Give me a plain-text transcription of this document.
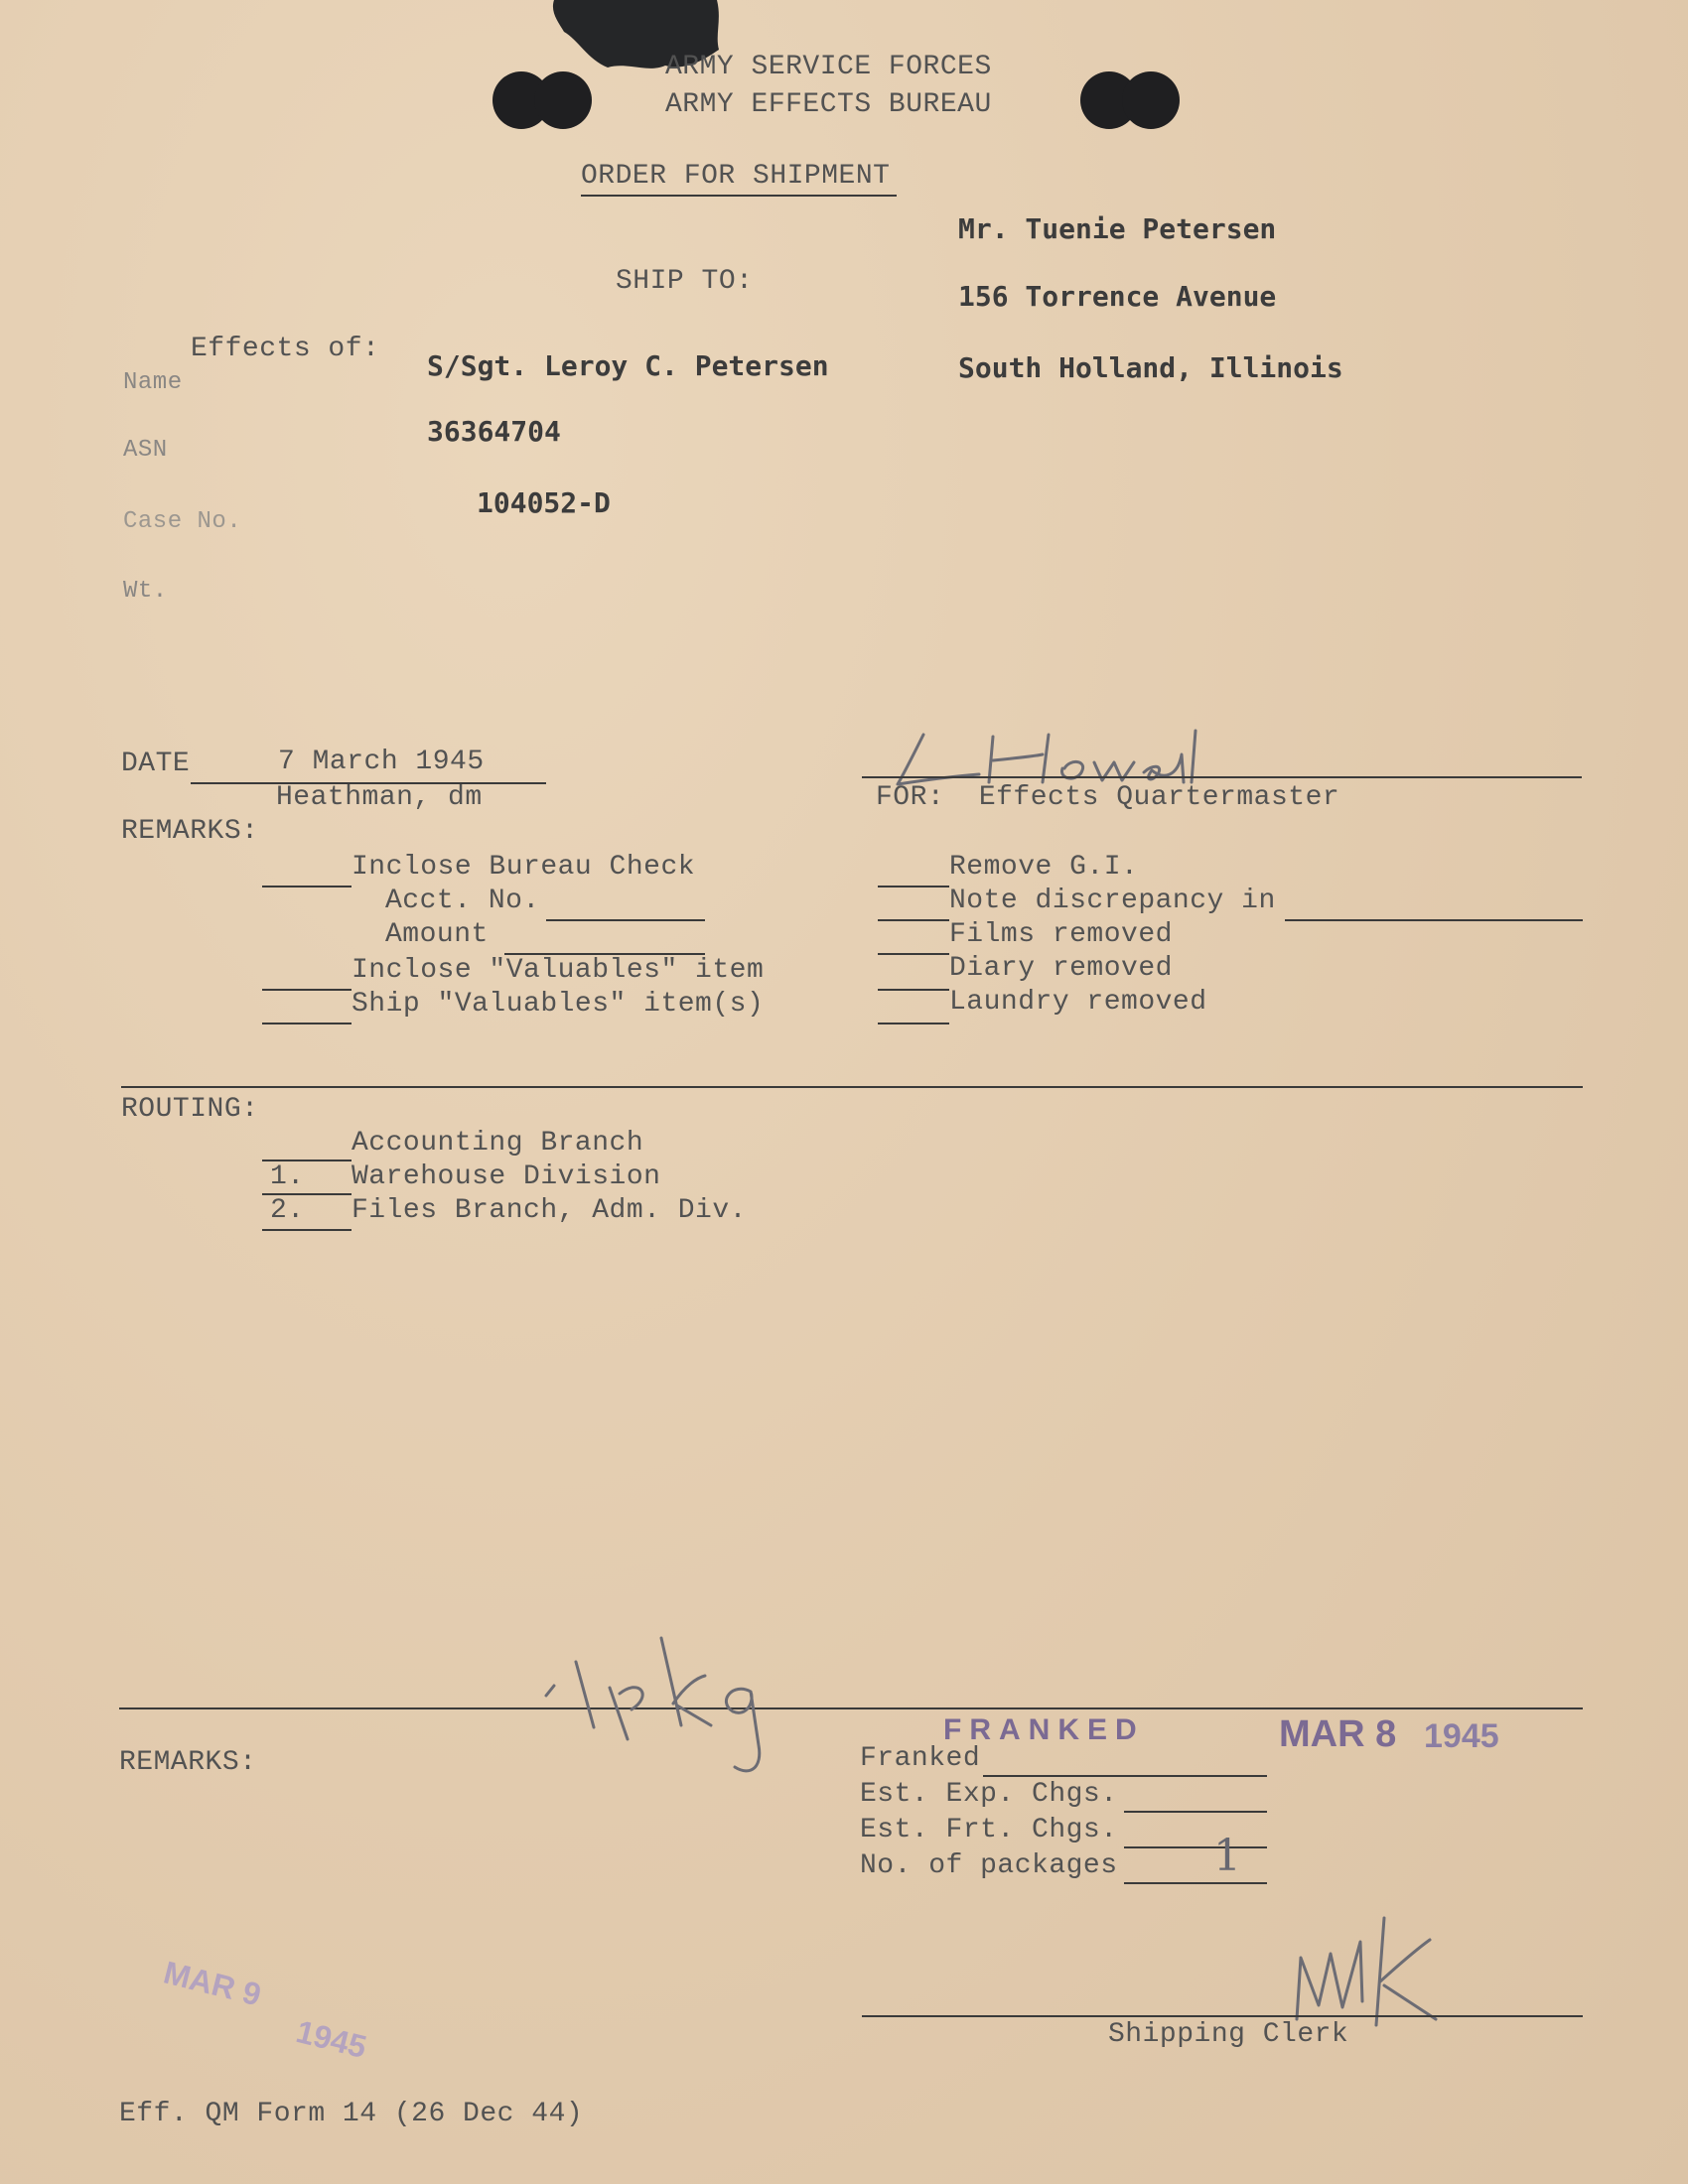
ARMY SERVICE FORCES
ARMY EFFECTS BUREAU
ORDER FOR SHIPMENT
SHIP TO:
Mr. Tuenie Petersen
156 Torrence Avenue
South Holland, Illinois
Effects of:
Name
S/Sgt. Leroy C. Petersen
ASN
36364704
Case No.
104052-D
Wt.
DATE	7 March 1945
Heathman, dm	FOR:  Effects Quartermaster
REMARKS:
Inclose Bureau Check
Acct. No.
Amount
Inclose "Valuables" item
Ship "Valuables" item(s)
Remove G.I.
Note discrepancy in
Films removed
Diary removed
Laundry removed
ROUTING:
Accounting Branch
1. Warehouse Division
2. Files Branch, Adm. Div.
REMARKS:
FRANKED	MAR 8 1945
Franked
Est. Exp. Chgs.
Est. Frt. Chgs.
No. of packages 1
MAR 9
1945	Shipping Clerk
Eff. QM Form 14 (26 Dec 44)
